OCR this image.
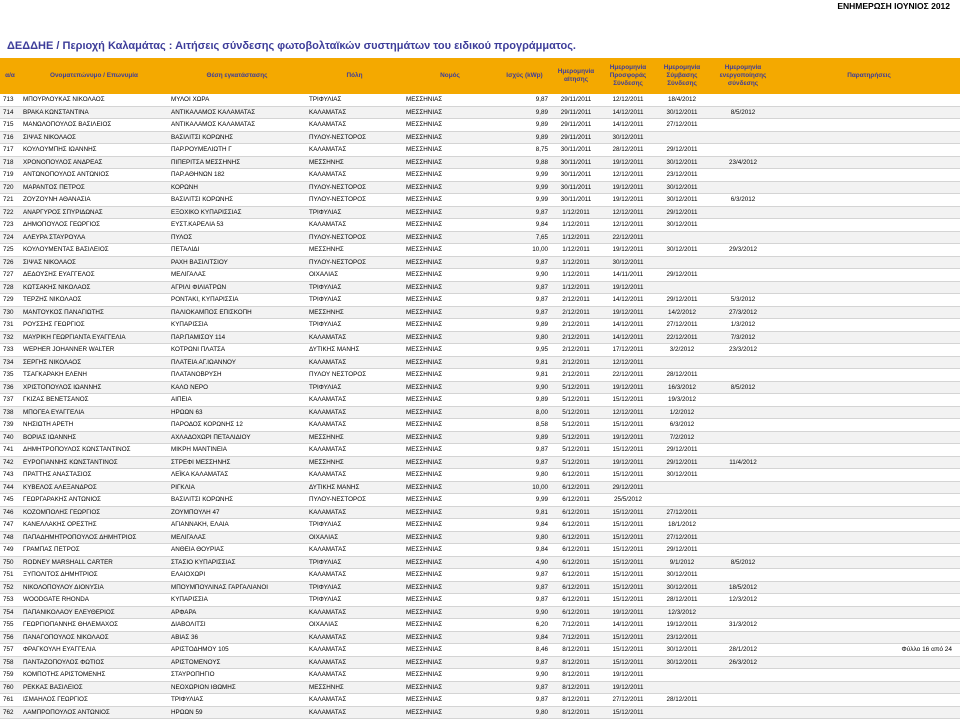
ΕΝΗΜΕΡΩΣΗ ΙΟΥΝΙΟΣ 2012
ΔΕΔΔΗΕ / Περιοχή Καλαμάτας : Αιτήσεις σύνδεσης φωτοβολταϊκών συστημάτων του ειδικού προγράμματος.
α/α	Ονοματεπώνυμο / Επωνυμία	Θέση εγκατάστασης	Πόλη	Νομός	Ισχύς (kWp)	Ημερομηνία αίτησης	Ημερομηνία Προσφοράς Σύνδεσης	Ημερομηνία Σύμβασης Σύνδεσης	Ημερομηνία ενεργοποίησης σύνδεσης	Παρατηρήσεις
713	ΜΠΟΥΡΛΟΥΚΑΣ ΝΙΚΟΛΑΟΣ	ΜΥΛΟΙ ΧΩΡΑ	ΤΡΙΦΥΛΙΑΣ	ΜΕΣΣΗΝΙΑΣ	9,87	29/11/2011	12/12/2011	18/4/2012		
714	ΒΡΑΚΑ ΚΩΝΣΤΑΝΤΙΝΑ	ΑΝΤΙΚΑΛΑΜΟΣ ΚΑΛΑΜΑΤΑΣ	ΚΑΛΑΜΑΤΑΣ	ΜΕΣΣΗΝΙΑΣ	9,89	29/11/2011	14/12/2011	30/12/2011	8/5/2012	
715	ΜΑΝΩΛΟΠΟΥΛΟΣ ΒΑΣΙΛΕΙΟΣ	ΑΝΤΙΚΑΛΑΜΟΣ ΚΑΛΑΜΑΤΑΣ	ΚΑΛΑΜΑΤΑΣ	ΜΕΣΣΗΝΙΑΣ	9,89	29/11/2011	14/12/2011	27/12/2011		
716	ΣΙΨΑΣ ΝΙΚΟΛΑΟΣ	ΒΑΣΙΛΙΤΣΙ ΚΟΡΩΝΗΣ	ΠΥΛΟΥ-ΝΕΣΤΟΡΟΣ	ΜΕΣΣΗΝΙΑΣ	9,89	29/11/2011	30/12/2011			
717	ΚΟΥΛΟΥΜΠΗΣ ΙΩΑΝΝΗΣ	ΠΑΡ.ΡΟΥΜΕΛΙΩΤΗ Γ	ΚΑΛΑΜΑΤΑΣ	ΜΕΣΣΗΝΙΑΣ	8,75	30/11/2011	28/12/2011	29/12/2011		
718	ΧΡΟΝΟΠΟΥΛΟΣ ΑΝΔΡΕΑΣ	ΠΙΠΕΡΙΤΣΑ ΜΕΣΣΗΝΗΣ	ΜΕΣΣΗΝΗΣ	ΜΕΣΣΗΝΙΑΣ	9,88	30/11/2011	19/12/2011	30/12/2011	23/4/2012	
719	ΑΝΤΩΝΟΠΟΥΛΟΣ ΑΝΤΩΝΙΟΣ	ΠΑΡ.ΑΘΗΝΩΝ 182	ΚΑΛΑΜΑΤΑΣ	ΜΕΣΣΗΝΙΑΣ	9,99	30/11/2011	12/12/2011	23/12/2011		
720	ΜΑΡΑΝΤΟΣ ΠΕΤΡΟΣ	ΚΟΡΩΝΗ	ΠΥΛΟΥ-ΝΕΣΤΟΡΟΣ	ΜΕΣΣΗΝΙΑΣ	9,99	30/11/2011	19/12/2011	30/12/2011		
721	ΖΟΥΖΟΥΝΗ ΑΘΑΝΑΣΙΑ	ΒΑΣΙΛΙΤΣΙ ΚΟΡΩΝΗΣ	ΠΥΛΟΥ-ΝΕΣΤΟΡΟΣ	ΜΕΣΣΗΝΙΑΣ	9,99	30/11/2011	19/12/2011	30/12/2011	6/3/2012	
722	ΑΝΑΡΓΥΡΟΣ ΣΠΥΡΙΔΩΝΑΣ	ΕΞΟΧΙΚΟ ΚΥΠΑΡΙΣΣΙΑΣ	ΤΡΙΦΥΛΙΑΣ	ΜΕΣΣΗΝΙΑΣ	9,87	1/12/2011	12/12/2011	29/12/2011		
723	ΔΗΜΟΠΟΥΛΟΣ ΓΕΩΡΓΙΟΣ	ΕΥΣΤ.ΚΑΡΕΛΙΑ 53	ΚΑΛΑΜΑΤΑΣ	ΜΕΣΣΗΝΙΑΣ	9,84	1/12/2011	12/12/2011	30/12/2011		
724	ΑΛΕΥΡΑ ΣΤΑΥΡΟΥΛΑ	ΠΥΛΟΣ	ΠΥΛΟΥ-ΝΕΣΤΟΡΟΣ	ΜΕΣΣΗΝΙΑΣ	7,65	1/12/2011	22/12/2011			
725	ΚΟΥΛΟΥΜΕΝΤΑΣ ΒΑΣΙΛΕΙΟΣ	ΠΕΤΑΛΙΔΙ	ΜΕΣΣΗΝΗΣ	ΜΕΣΣΗΝΙΑΣ	10,00	1/12/2011	19/12/2011	30/12/2011	29/3/2012	
726	ΣΙΨΑΣ ΝΙΚΟΛΑΟΣ	ΡΑΧΗ ΒΑΣΙΛΙΤΣΙΟΥ	ΠΥΛΟΥ-ΝΕΣΤΟΡΟΣ	ΜΕΣΣΗΝΙΑΣ	9,87	1/12/2011	30/12/2011			
727	ΔΕΔΟΥΣΗΣ ΕΥΑΓΓΕΛΟΣ	ΜΕΛΙΓΑΛΑΣ	ΟΙΧΑΛΙΑΣ	ΜΕΣΣΗΝΙΑΣ	9,90	1/12/2011	14/11/2011	29/12/2011		
728	ΚΩΤΣΑΚΗΣ ΝΙΚΟΛΑΟΣ	ΑΓΡΙΛΙ ΦΙΛΙΑΤΡΩΝ	ΤΡΙΦΥΛΙΑΣ	ΜΕΣΣΗΝΙΑΣ	9,87	1/12/2011	19/12/2011			
729	ΤΕΡΖΗΣ ΝΙΚΟΛΑΟΣ	ΡΟΝΤΑΚΙ, ΚΥΠΑΡΙΣΣΙΑ	ΤΡΙΦΥΛΙΑΣ	ΜΕΣΣΗΝΙΑΣ	9,87	2/12/2011	14/12/2011	29/12/2011	5/3/2012	
730	ΜΑΝΤΟΥΚΟΣ ΠΑΝΑΓΙΩΤΗΣ	ΠΑΛΙΟΚΑΜΠΟΣ ΕΠΙΣΚΟΠΗ	ΜΕΣΣΗΝΗΣ	ΜΕΣΣΗΝΙΑΣ	9,87	2/12/2011	19/12/2011	14/2/2012	27/3/2012	
731	ΡΟΥΣΣΗΣ ΓΕΩΡΓΙΟΣ	ΚΥΠΑΡΙΣΣΙΑ	ΤΡΙΦΥΛΙΑΣ	ΜΕΣΣΗΝΙΑΣ	9,89	2/12/2011	14/12/2011	27/12/2011	1/3/2012	
732	ΜΑΥΡΙΚΗ ΓΕΩΡΓΙΑΝΤΑ ΕΥΑΓΓΕΛΙΑ	ΠΑΡ.ΠΑΜΙΣΟΥ 114	ΚΑΛΑΜΑΤΑΣ	ΜΕΣΣΗΝΙΑΣ	9,80	2/12/2011	14/12/2011	22/12/2011	7/3/2012	
733	WEPHER JOHANNER WALTER	ΚΟΤΡΩΝΙ ΠΛΑΤΣΑ	ΔΥΤΙΚΗΣ ΜΑΝΗΣ	ΜΕΣΣΗΝΙΑΣ	9,95	2/12/2011	17/12/2011	3/2/2012	23/3/2012	
734	ΣΕΡΓΗΣ ΝΙΚΟΛΑΟΣ	ΠΛΑΤΕΙΑ ΑΓ.ΙΩΑΝΝΟΥ	ΚΑΛΑΜΑΤΑΣ	ΜΕΣΣΗΝΙΑΣ	9,81	2/12/2011	12/12/2011			
735	ΤΣΑΓΚΑΡΑΚΗ ΕΛΕΝΗ	ΠΛΑΤΑΝΟΒΡΥΣΗ	ΠΥΛΟΥ ΝΕΣΤΟΡΟΣ	ΜΕΣΣΗΝΙΑΣ	9,81	2/12/2011	22/12/2011	28/12/2011		
736	ΧΡΙΣΤΟΠΟΥΛΟΣ ΙΩΑΝΝΗΣ	ΚΑΛΟ ΝΕΡΟ	ΤΡΙΦΥΛΙΑΣ	ΜΕΣΣΗΝΙΑΣ	9,90	5/12/2011	19/12/2011	16/3/2012	8/5/2012	
737	ΓΚΙΖΑΣ ΒΕΝΕΤΣΑΝΟΣ	ΑΙΠΕΙΑ	ΚΑΛΑΜΑΤΑΣ	ΜΕΣΣΗΝΙΑΣ	9,89	5/12/2011	15/12/2011	19/3/2012		
738	ΜΠΟΓΕΑ ΕΥΑΓΓΕΛΙΑ	ΗΡΩΩΝ 63	ΚΑΛΑΜΑΤΑΣ	ΜΕΣΣΗΝΙΑΣ	8,00	5/12/2011	12/12/2011	1/2/2012		
739	ΝΗΣΙΩΤΗ ΑΡΕΤΗ	ΠΑΡΟΔΟΣ ΚΟΡΩΝΗΣ 12	ΚΑΛΑΜΑΤΑΣ	ΜΕΣΣΗΝΙΑΣ	8,58	5/12/2011	15/12/2011	6/3/2012		
740	ΒΟΡΙΑΣ ΙΩΑΝΝΗΣ	ΑΧΛΑΔΟΧΩΡΙ ΠΕΤΑΛΙΔΙΟΥ	ΜΕΣΣΗΝΗΣ	ΜΕΣΣΗΝΙΑΣ	9,89	5/12/2011	19/12/2011	7/2/2012		
741	ΔΗΜΗΤΡΟΠΟΥΛΟΣ ΚΩΝΣΤΑΝΤΙΝΟΣ	ΜΙΚΡΗ ΜΑΝΤΙΝΕΙΑ	ΚΑΛΑΜΑΤΑΣ	ΜΕΣΣΗΝΙΑΣ	9,87	5/12/2011	15/12/2011	29/12/2011		
742	ΕΥΡΟΓΙΑΝΝΗΣ ΚΩΝΣΤΑΝΤΙΝΟΣ	ΣΤΡΕΦΙ ΜΕΣΣΗΝΗΣ	ΜΕΣΣΗΝΗΣ	ΜΕΣΣΗΝΙΑΣ	9,87	5/12/2011	19/12/2011	29/12/2011	11/4/2012	
743	ΠΡΑΤΤΗΣ ΑΝΑΣΤΑΣΙΟΣ	ΛΕΪΚΑ ΚΑΛΑΜΑΤΑΣ	ΚΑΛΑΜΑΤΑΣ	ΜΕΣΣΗΝΙΑΣ	9,80	6/12/2011	15/12/2011	30/12/2011		
744	ΚΥΒΕΛΟΣ ΑΛΕΞΑΝΔΡΟΣ	ΡΙΓΚΛΙΑ	ΔΥΤΙΚΗΣ ΜΑΝΗΣ	ΜΕΣΣΗΝΙΑΣ	10,00	6/12/2011	29/12/2011			
745	ΓΕΩΡΓΑΡΑΚΗΣ ΑΝΤΩΝΙΟΣ	ΒΑΣΙΛΙΤΣΙ ΚΟΡΩΝΗΣ	ΠΥΛΟΥ-ΝΕΣΤΟΡΟΣ	ΜΕΣΣΗΝΙΑΣ	9,99	6/12/2011	25/5/2012			
746	ΚΟΖΟΜΠΟΛΗΣ ΓΕΩΡΓΙΟΣ	ΖΟΥΜΠΟΥΛΗ 47	ΚΑΛΑΜΑΤΑΣ	ΜΕΣΣΗΝΙΑΣ	9,81	6/12/2011	15/12/2011	27/12/2011		
747	ΚΑΝΕΛΛΑΚΗΣ ΟΡΕΣΤΗΣ	ΑΓΙΑΝΝΑΚΗ, ΕΛΑΙΑ	ΤΡΙΦΥΛΙΑΣ	ΜΕΣΣΗΝΙΑΣ	9,84	6/12/2011	15/12/2011	18/1/2012		
748	ΠΑΠΑΔΗΜΗΤΡΟΠΟΥΛΟΣ ΔΗΜΗΤΡΙΟΣ	ΜΕΛΙΓΑΛΑΣ	ΟΙΧΑΛΙΑΣ	ΜΕΣΣΗΝΙΑΣ	9,80	6/12/2011	15/12/2011	27/12/2011		
749	ΓΡΑΜΠΑΣ ΠΕΤΡΟΣ	ΑΝΘΕΙΑ ΘΟΥΡΙΑΣ	ΚΑΛΑΜΑΤΑΣ	ΜΕΣΣΗΝΙΑΣ	9,84	6/12/2011	15/12/2011	29/12/2011		
750	RODNEY MARSHALL CARTER	ΣΤΑΣΙΟ ΚΥΠΑΡΙΣΣΙΑΣ	ΤΡΙΦΥΛΙΑΣ	ΜΕΣΣΗΝΙΑΣ	4,90	6/12/2011	15/12/2011	9/1/2012	8/5/2012	
751	ΞΥΠΟΛΙΤΟΣ ΔΗΜΗΤΡΙΟΣ	ΕΛΑΙΟΧΩΡΙ	ΚΑΛΑΜΑΤΑΣ	ΜΕΣΣΗΝΙΑΣ	9,87	6/12/2011	15/12/2011	30/12/2011		
752	ΝΙΚΟΛΟΠΟΥΛΟΥ ΔΙΟΝΥΣΙΑ	ΜΠΟΥΜΠΟΥΛΙΝΑΣ ΓΑΡΓΑΛΙΑΝΟΙ	ΤΡΙΦΥΛΙΑΣ	ΜΕΣΣΗΝΙΑΣ	9,87	6/12/2011	15/12/2011	30/12/2011	18/5/2012	
753	WOODGATE RHONDA	ΚΥΠΑΡΙΣΣΙΑ	ΤΡΙΦΥΛΙΑΣ	ΜΕΣΣΗΝΙΑΣ	9,87	6/12/2011	15/12/2011	28/12/2011	12/3/2012	
754	ΠΑΠΑΝΙΚΟΛΑΟΥ ΕΛΕΥΘΕΡΙΟΣ	ΑΡΦΑΡΑ	ΚΑΛΑΜΑΤΑΣ	ΜΕΣΣΗΝΙΑΣ	9,90	6/12/2011	19/12/2011	12/3/2012		
755	ΓΕΩΡΓΙΟΠΑΝΝΗΣ ΘΗΛΕΜΑΧΟΣ	ΔΙΑΒΟΛΙΤΣΙ	ΟΙΧΑΛΙΑΣ	ΜΕΣΣΗΝΙΑΣ	6,20	7/12/2011	14/12/2011	19/12/2011	31/3/2012	
756	ΠΑΝΑΓΟΠΟΥΛΟΣ ΝΙΚΟΛΑΟΣ	ΑΒΙΑΣ 36	ΚΑΛΑΜΑΤΑΣ	ΜΕΣΣΗΝΙΑΣ	9,84	7/12/2011	15/12/2011	23/12/2011		
757	ΦΡΑΓΚΟΥΛΗ ΕΥΑΓΓΕΛΙΑ	ΑΡΙΣΤΟΔΗΜΟΥ 105	ΚΑΛΑΜΑΤΑΣ	ΜΕΣΣΗΝΙΑΣ	8,46	8/12/2011	15/12/2011	30/12/2011	28/1/2012	
758	ΠΑΝΤΑΖΟΠΟΥΛΟΣ ΦΩΤΙΟΣ	ΑΡΙΣΤΟΜΕΝΟΥΣ	ΚΑΛΑΜΑΤΑΣ	ΜΕΣΣΗΝΙΑΣ	9,87	8/12/2011	15/12/2011	30/12/2011	26/3/2012	
759	ΚΟΜΠΟΤΗΣ ΑΡΙΣΤΟΜΕΝΗΣ	ΣΤΑΥΡΟΠΗΓΙΟ	ΚΑΛΑΜΑΤΑΣ	ΜΕΣΣΗΝΙΑΣ	9,90	8/12/2011	19/12/2011			
760	ΡΕΚΚΑΣ ΒΑΣΙΛΕΙΟΣ	ΝΕΟΧΩΡΙΟΝ ΙΘΩΜΗΣ	ΜΕΣΣΗΝΗΣ	ΜΕΣΣΗΝΙΑΣ	9,87	8/12/2011	19/12/2011			
761	ΙΣΜΑΗΛΟΣ ΓΕΩΡΓΙΟΣ	ΤΡΙΦΥΛΙΑΣ	ΚΑΛΑΜΑΤΑΣ	ΜΕΣΣΗΝΙΑΣ	9,87	8/12/2011	27/12/2011	28/12/2011		
762	ΛΑΜΠΡΟΠΟΥΛΟΣ ΑΝΤΩΝΙΟΣ	ΗΡΩΩΝ 59	ΚΑΛΑΜΑΤΑΣ	ΜΕΣΣΗΝΙΑΣ	9,80	8/12/2011	15/12/2011			
Φύλλο 16 από 24
